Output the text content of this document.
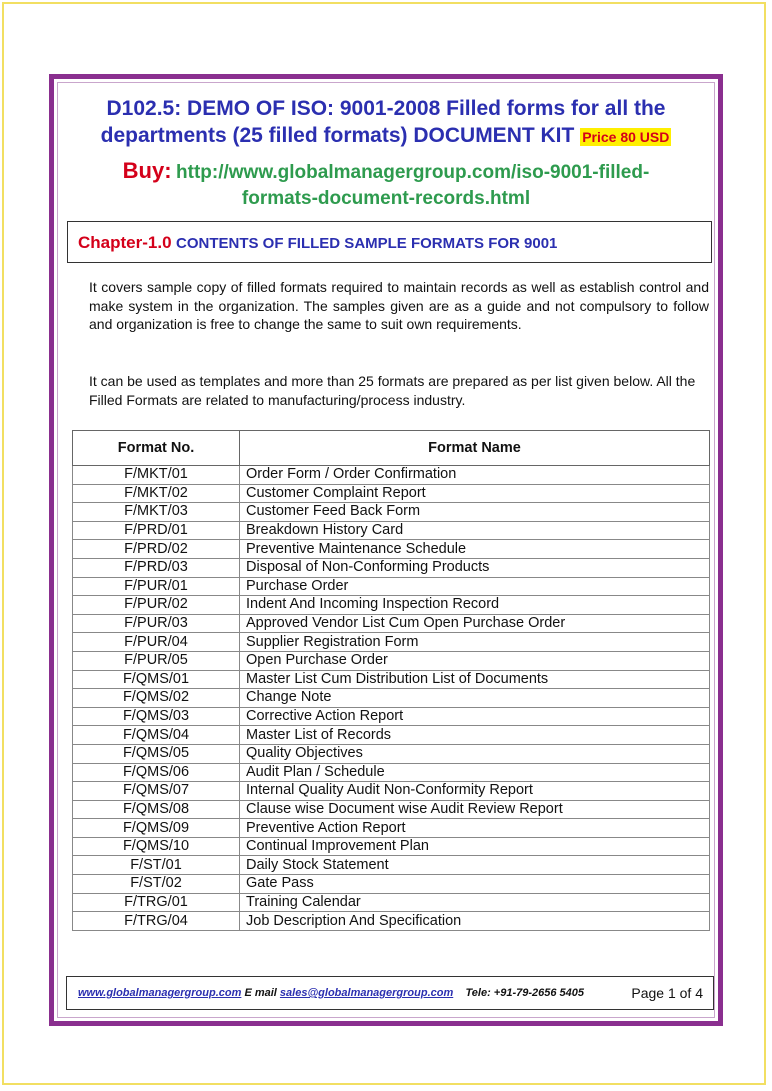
D102.5: DEMO OF ISO: 9001-2008 Filled forms for all the
departments (25 filled formats) DOCUMENT KIT Price 80 USD
Buy: http://www.globalmanagergroup.com/iso-9001-filled-
formats-document-records.html
Chapter-1.0 CONTENTS OF FILLED SAMPLE FORMATS FOR 9001
It covers sample copy of filled formats required to maintain records as well as establish control and make system in the organization. The samples given are as a guide and not compulsory to follow and organization is free to change the same to suit own requirements.
It can be used as templates and more than 25 formats are prepared as per list given below. All the Filled Formats are related to manufacturing/process industry.
Format No.	Format Name
F/MKT/01	Order Form / Order Confirmation
F/MKT/02	Customer Complaint Report
F/MKT/03	Customer Feed Back Form
F/PRD/01	Breakdown History Card
F/PRD/02	Preventive Maintenance Schedule
F/PRD/03	Disposal of Non-Conforming Products
F/PUR/01	Purchase Order
F/PUR/02	Indent And Incoming Inspection Record
F/PUR/03	Approved Vendor List Cum Open Purchase Order
F/PUR/04	Supplier Registration Form
F/PUR/05	Open Purchase Order
F/QMS/01	Master List Cum Distribution List of Documents
F/QMS/02	Change Note
F/QMS/03	Corrective Action Report
F/QMS/04	Master List of Records
F/QMS/05	Quality Objectives
F/QMS/06	Audit Plan / Schedule
F/QMS/07	Internal Quality Audit Non-Conformity Report
F/QMS/08	Clause wise Document wise Audit Review Report
F/QMS/09	Preventive Action Report
F/QMS/10	Continual Improvement Plan
F/ST/01	Daily Stock Statement
F/ST/02	Gate Pass
F/TRG/01	Training Calendar
F/TRG/04	Job Description And Specification
www.globalmanagergroup.com E mail sales@globalmanagergroup.com Tele: +91-79-2656 5405	Page 1 of 4
